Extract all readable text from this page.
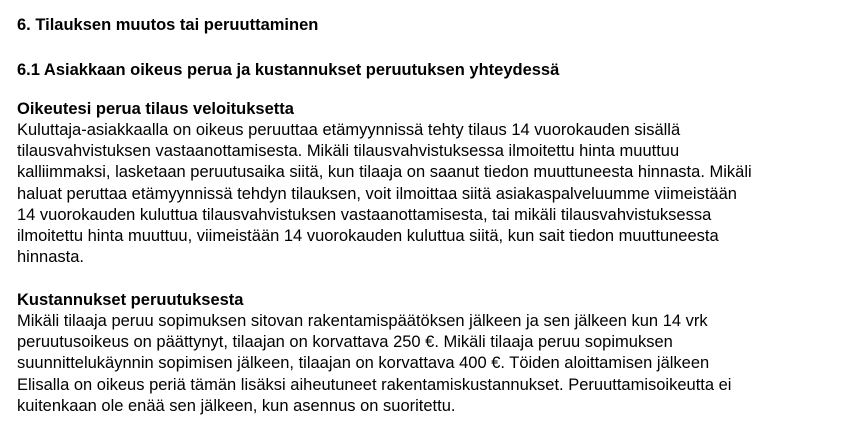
6. Tilauksen muutos tai peruuttaminen
6.1 Asiakkaan oikeus perua ja kustannukset peruutuksen yhteydessä
Oikeutesi perua tilaus veloituksetta
Kuluttaja-asiakkaalla on oikeus peruuttaa etämyynnissä tehty tilaus 14 vuorokauden sisällä
tilausvahvistuksen vastaanottamisesta. Mikäli tilausvahvistuksessa ilmoitettu hinta muuttuu
kalliimmaksi, lasketaan peruutusaika siitä, kun tilaaja on saanut tiedon muuttuneesta hinnasta. Mikäli
haluat peruttaa etämyynnissä tehdyn tilauksen, voit ilmoittaa siitä asiakaspalveluumme viimeistään
14 vuorokauden kuluttua tilausvahvistuksen vastaanottamisesta, tai mikäli tilausvahvistuksessa
ilmoitettu hinta muuttuu, viimeistään 14 vuorokauden kuluttua siitä, kun sait tiedon muuttuneesta
hinnasta.
Kustannukset peruutuksesta
Mikäli tilaaja peruu sopimuksen sitovan rakentamispäätöksen jälkeen ja sen jälkeen kun 14 vrk
peruutusoikeus on päättynyt, tilaajan on korvattava 250 €. Mikäli tilaaja peruu sopimuksen
suunnittelukäynnin sopimisen jälkeen, tilaajan on korvattava 400 €. Töiden aloittamisen jälkeen
Elisalla on oikeus periä tämän lisäksi aiheutuneet rakentamiskustannukset. Peruuttamisoikeutta ei
kuitenkaan ole enää sen jälkeen, kun asennus on suoritettu.
